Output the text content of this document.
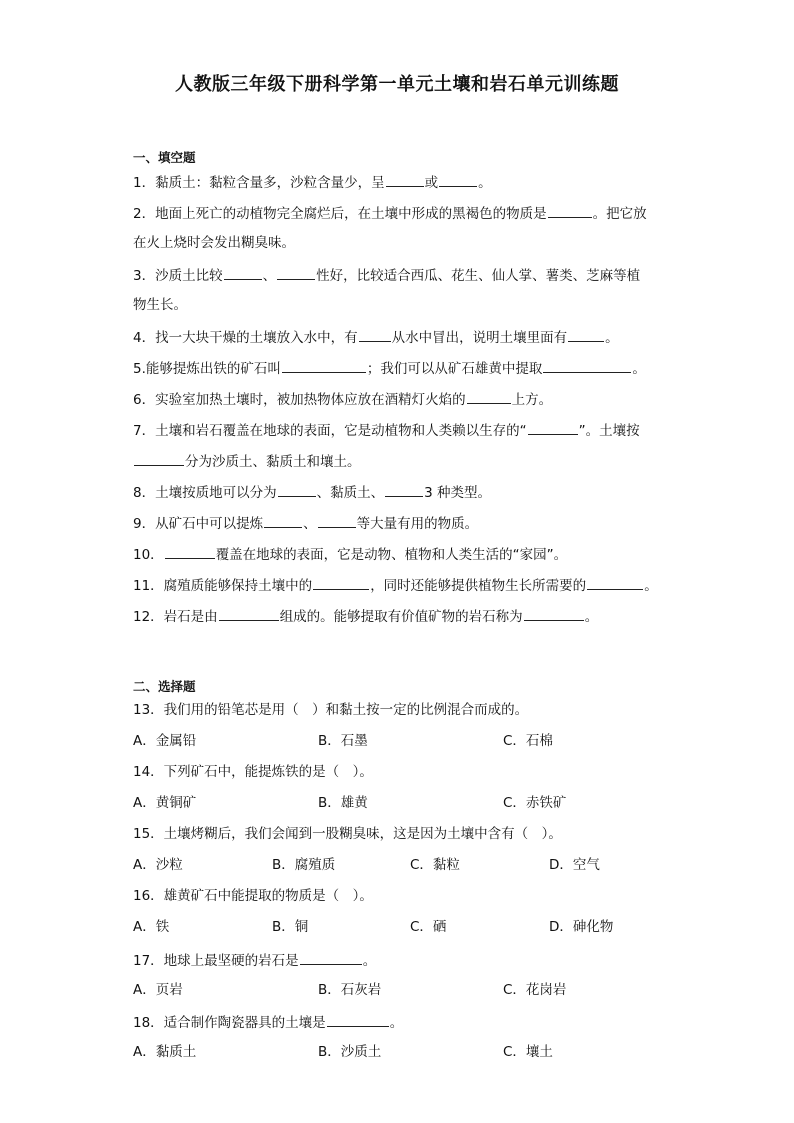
人教版三年级下册科学第一单元土壤和岩石单元训练题
一、填空题
1．黏质土：黏粒含量多，沙粒含量少，呈	或	。
2．地面上死亡的动植物完全腐烂后，在土壤中形成的黑褐色的物质是	。把它放
在火上烧时会发出糊臭味。
3．沙质土比较	、	性好，比较适合西瓜、花生、仙人掌、薯类、芝麻等植
物生长。
4．找一大块干燥的土壤放入水中，有	从水中冒出，说明土壤里面有	。
5.能够提炼出铁的矿石叫	；我们可以从矿石雄黄中提取	。
6．实验室加热土壤时，被加热物体应放在酒精灯火焰的	上方。
7．土壤和岩石覆盖在地球的表面，它是动植物和人类赖以生存的“	”。土壤按
分为沙质土、黏质土和壤土。
8．土壤按质地可以分为	、黏质土、	3 种类型。
9．从矿石中可以提炼	、	等大量有用的物质。
10．	覆盖在地球的表面，它是动物、植物和人类生活的“家园”。
11．腐殖质能够保持土壤中的	，同时还能够提供植物生长所需要的	。
12．岩石是由	组成的。能够提取有价值矿物的岩石称为	。
二、选择题
13．我们用的铅笔芯是用（　）和黏土按一定的比例混合而成的。
A．金属铅	B．石墨	C．石棉
14．下列矿石中，能提炼铁的是（　）。
A．黄铜矿	B．雄黄	C．赤铁矿
15．土壤烤糊后，我们会闻到一股糊臭味，这是因为土壤中含有（　）。
A．沙粒	B．腐殖质	C．黏粒	D．空气
16．雄黄矿石中能提取的物质是（　）。
A．铁	B．铜	C．硒	D．砷化物
17．地球上最坚硬的岩石是	。
A．页岩	B．石灰岩	C．花岗岩
18．适合制作陶瓷器具的土壤是	。
A．黏质土	B．沙质土	C．壤土
